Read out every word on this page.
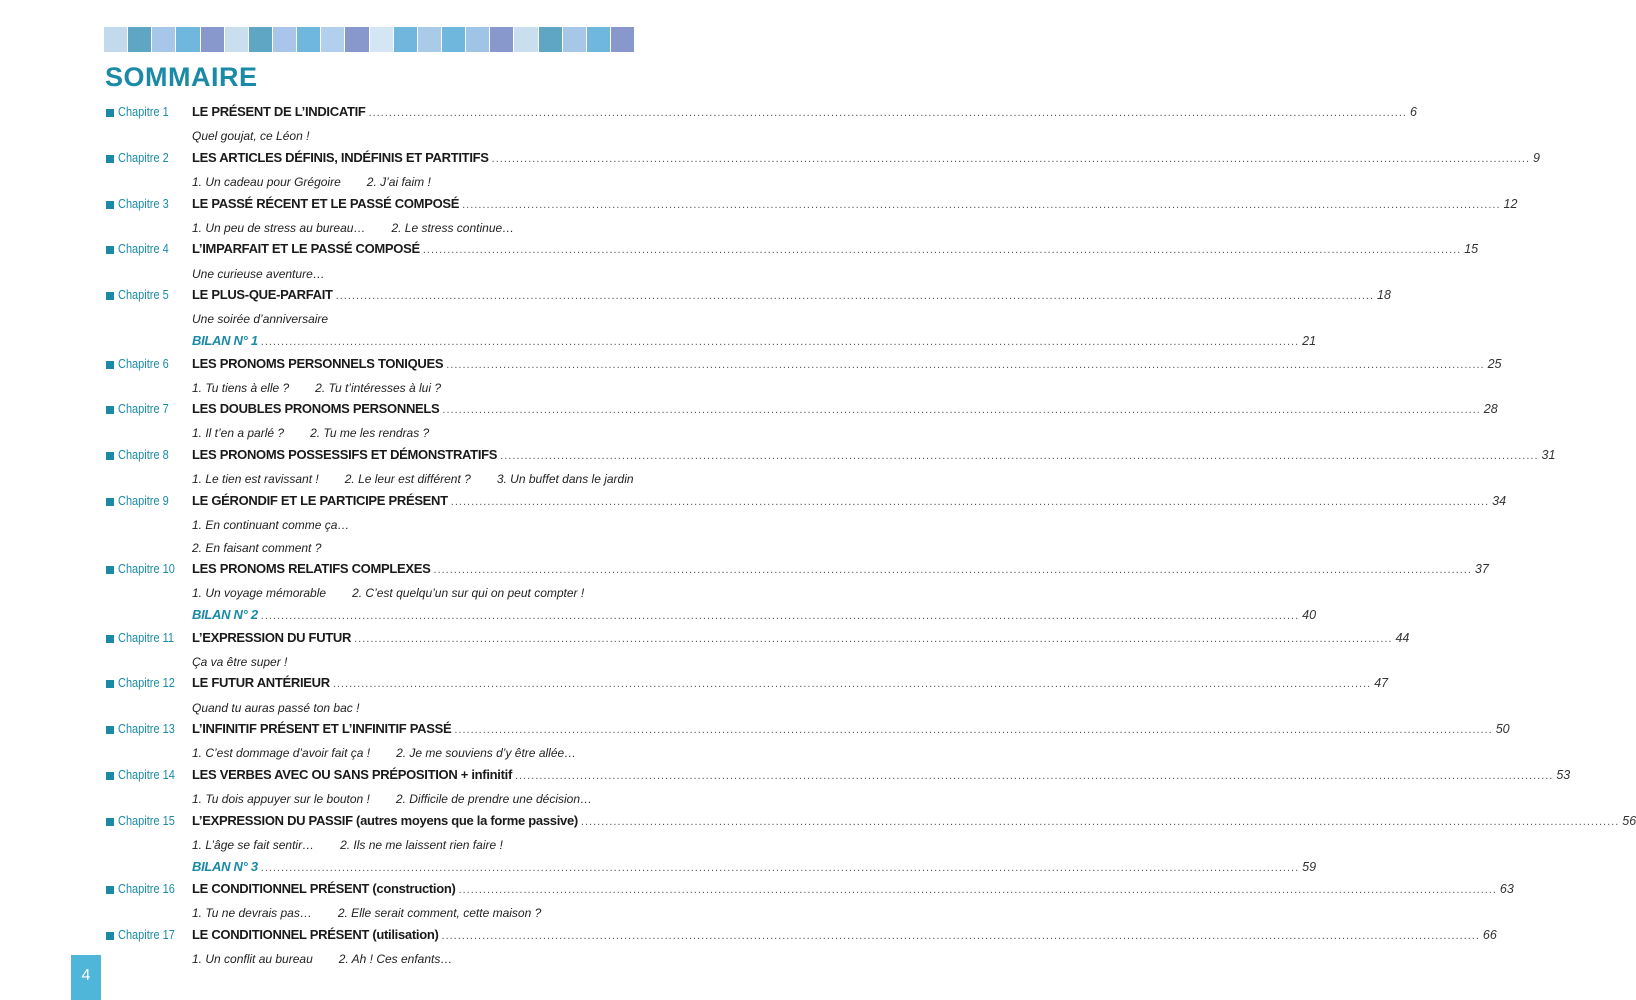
SOMMAIRE
Chapitre 1 LE PRÉSENT DE L’INDICATIF ................................................................................................................................................................................................................................................................ 6
Quel goujat, ce Léon !
Chapitre 2 LES ARTICLES DÉFINIS, INDÉFINIS ET PARTITIFS ................................................................................................................................................................................................................................................................ 9
1. Un cadeau pour Grégoire 2. J’ai faim !
Chapitre 3 LE PASSÉ RÉCENT ET LE PASSÉ COMPOSÉ ................................................................................................................................................................................................................................................................ 12
1. Un peu de stress au bureau… 2. Le stress continue…
Chapitre 4 L’IMPARFAIT ET LE PASSÉ COMPOSÉ ................................................................................................................................................................................................................................................................ 15
Une curieuse aventure…
Chapitre 5 LE PLUS-QUE-PARFAIT ................................................................................................................................................................................................................................................................ 18
Une soirée d’anniversaire
BILAN N° 1 ................................................................................................................................................................................................................................................................ 21
Chapitre 6 LES PRONOMS PERSONNELS TONIQUES ................................................................................................................................................................................................................................................................ 25
1. Tu tiens à elle ? 2. Tu t’intéresses à lui ?
Chapitre 7 LES DOUBLES PRONOMS PERSONNELS ................................................................................................................................................................................................................................................................ 28
1. Il t’en a parlé ? 2. Tu me les rendras ?
Chapitre 8 LES PRONOMS POSSESSIFS ET DÉMONSTRATIFS ................................................................................................................................................................................................................................................................ 31
1. Le tien est ravissant ! 2. Le leur est différent ? 3. Un buffet dans le jardin
Chapitre 9 LE GÉRONDIF ET LE PARTICIPE PRÉSENT ................................................................................................................................................................................................................................................................ 34
1. En continuant comme ça…
2. En faisant comment ?
Chapitre 10 LES PRONOMS RELATIFS COMPLEXES ................................................................................................................................................................................................................................................................ 37
1. Un voyage mémorable 2. C’est quelqu’un sur qui on peut compter !
BILAN N° 2 ................................................................................................................................................................................................................................................................ 40
Chapitre 11 L’EXPRESSION DU FUTUR ................................................................................................................................................................................................................................................................ 44
Ça va être super !
Chapitre 12 LE FUTUR ANTÉRIEUR ................................................................................................................................................................................................................................................................ 47
Quand tu auras passé ton bac !
Chapitre 13 L’INFINITIF PRÉSENT ET L’INFINITIF PASSÉ ................................................................................................................................................................................................................................................................ 50
1. C’est dommage d’avoir fait ça ! 2. Je me souviens d’y être allée…
Chapitre 14 LES VERBES AVEC OU SANS PRÉPOSITION + infinitif ................................................................................................................................................................................................................................................................ 53
1. Tu dois appuyer sur le bouton ! 2. Difficile de prendre une décision…
Chapitre 15 L’EXPRESSION DU PASSIF (autres moyens que la forme passive) ................................................................................................................................................................................................................................................................ 56
1. L’âge se fait sentir… 2. Ils ne me laissent rien faire !
BILAN N° 3 ................................................................................................................................................................................................................................................................ 59
Chapitre 16 LE CONDITIONNEL PRÉSENT (construction) ................................................................................................................................................................................................................................................................ 63
1. Tu ne devrais pas… 2. Elle serait comment, cette maison ?
Chapitre 17 LE CONDITIONNEL PRÉSENT (utilisation) ................................................................................................................................................................................................................................................................ 66
1. Un conflit au bureau 2. Ah ! Ces enfants…
4
